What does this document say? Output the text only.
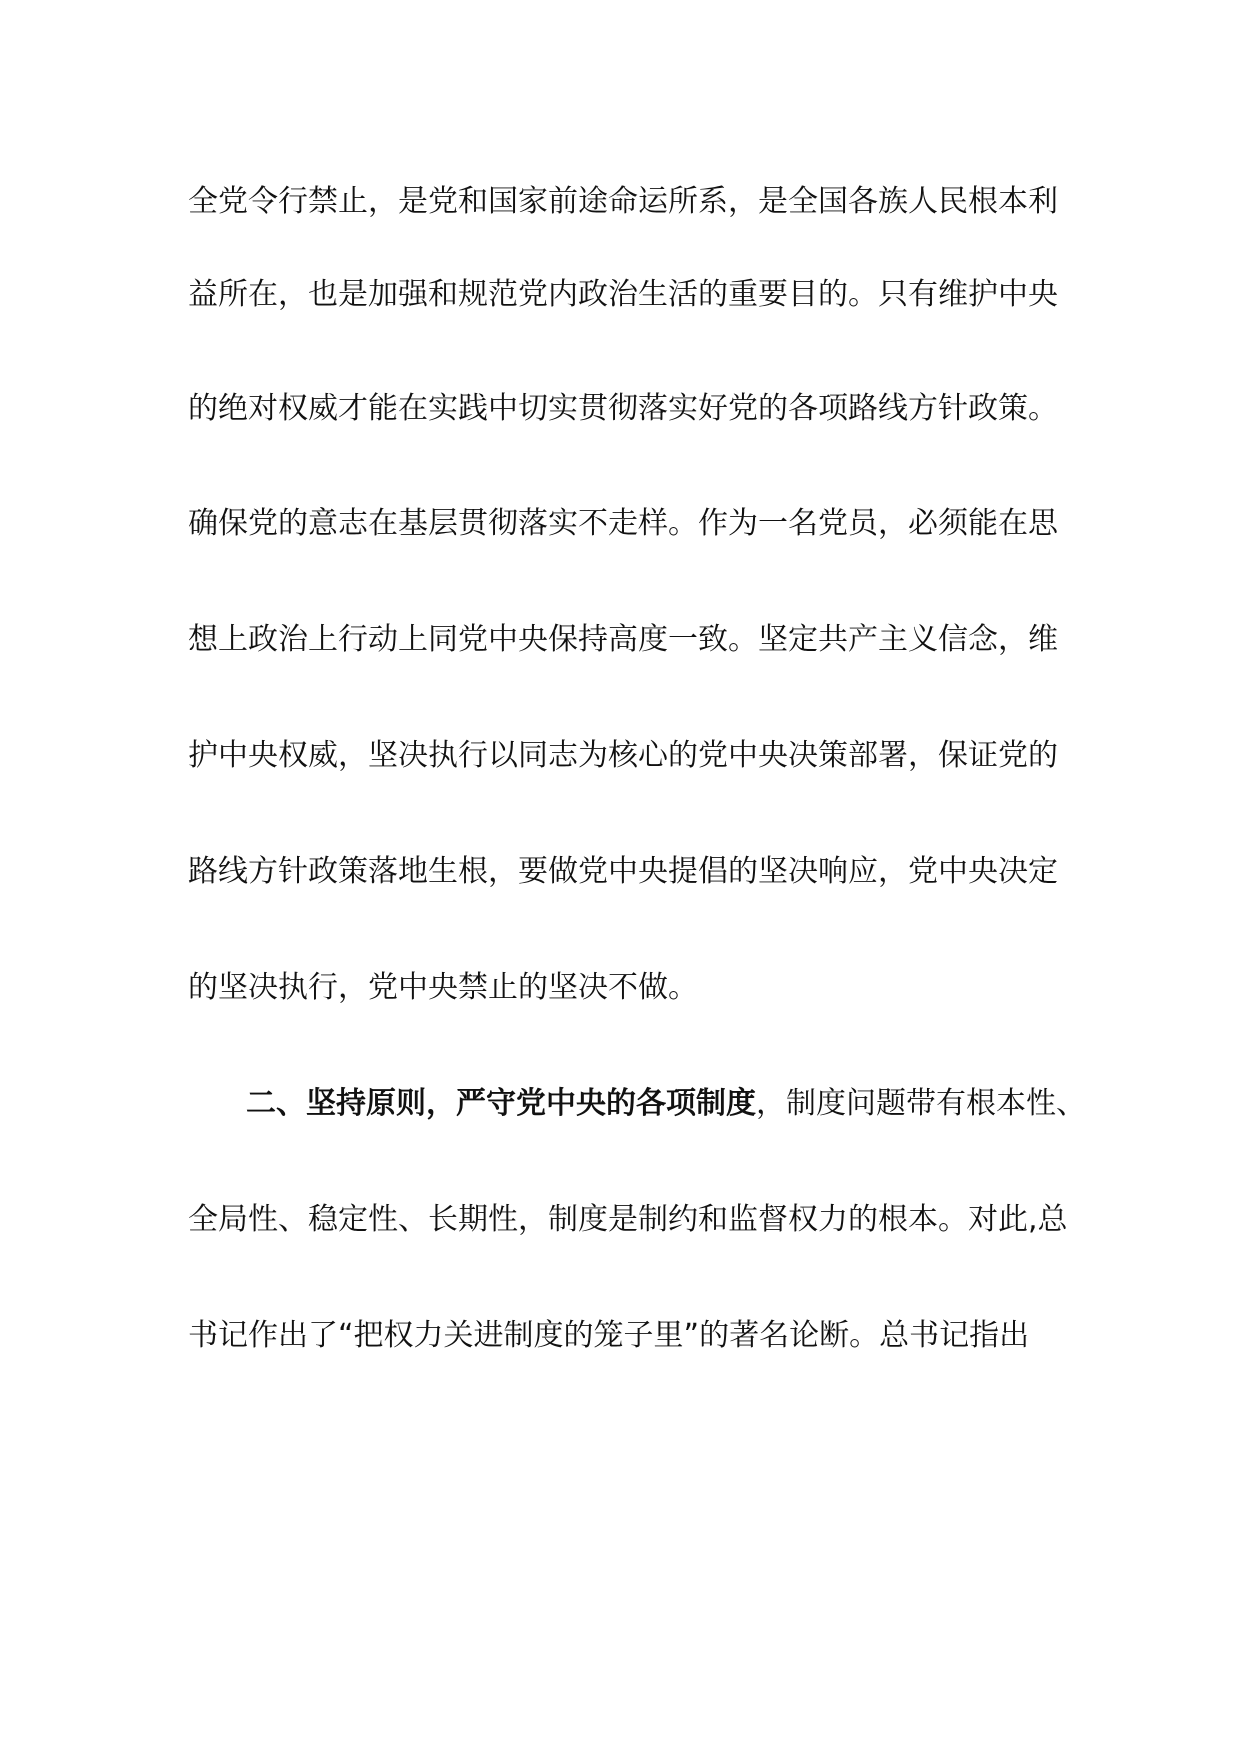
全党令行禁止，是党和国家前途命运所系，是全国各族人民根本利
益所在，也是加强和规范党内政治生活的重要目的。只有维护中央
的绝对权威才能在实践中切实贯彻落实好党的各项路线方针政策。
确保党的意志在基层贯彻落实不走样。作为一名党员，必须能在思
想上政治上行动上同党中央保持高度一致。坚定共产主义信念，维
护中央权威，坚决执行以同志为核心的党中央决策部署，保证党的
路线方针政策落地生根，要做党中央提倡的坚决响应，党中央决定
的坚决执行，党中央禁止的坚决不做。
二、坚持原则，严守党中央的各项制度，制度问题带有根本性、
全局性、稳定性、长期性，制度是制约和监督权力的根本。对此,总
书记作出了“把权力关进制度的笼子里”的著名论断。总书记指出
